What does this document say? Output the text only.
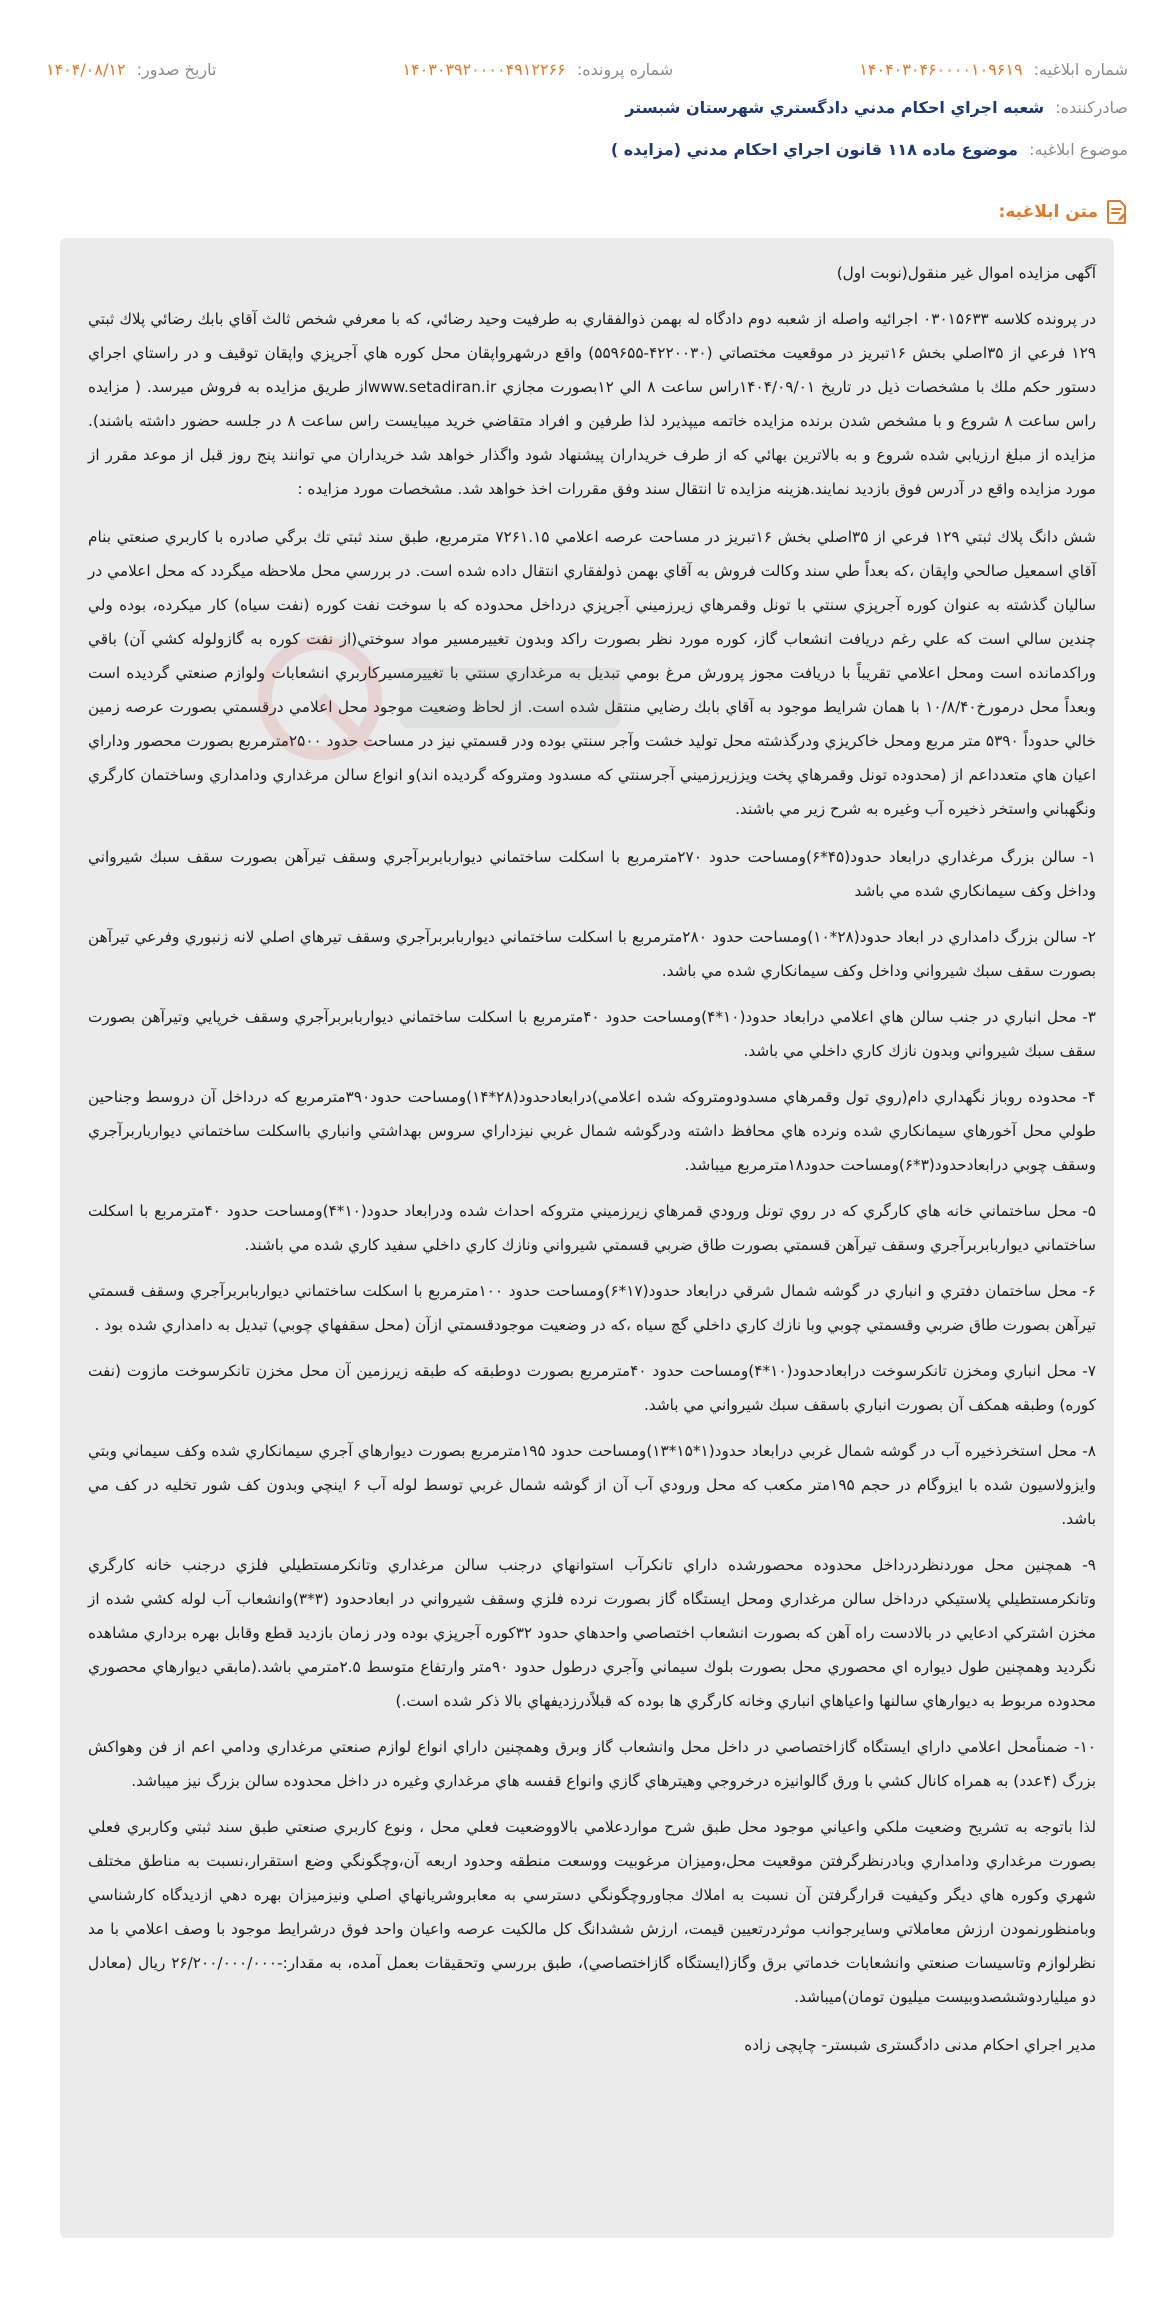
شماره ابلاغیه: ۱۴۰۴۰۳۰۴۶۰۰۰۰۱۰۹۶۱۹
شماره پرونده: ۱۴۰۳۰۳۹۲۰۰۰۰۴۹۱۲۲۶۶
تاریخ صدور: ۱۴۰۴/۰۸/۱۲
صادرکننده: شعبه اجراي احكام مدني دادگستري شهرستان شبستر
موضوع ابلاغیه: موضوع ماده ۱۱۸ قانون اجراي احكام مدني (مزايده )
متن ابلاغیه:

آگهی مزایده اموال غیر منقول(نوبت اول)

در پرونده كلاسه ۰۳۰۱۵۶۳۳ اجرائيه واصله از شعبه دوم دادگاه له بهمن ذوالفقاري به طرفيت وحيد رضائي، كه با معرفي شخص ثالث آقاي بابك رضائي پلاك ثبتي ۱۲۹ فرعي از ۳۵اصلي بخش ۱۶تبريز در موقعيت مختصاتي (۴۲۲۰۰۳۰-۵۵۹۶۵۵) واقع درشهرواپقان محل كوره هاي آجرپزي واپقان توقيف و در راستاي اجراي دستور حكم ملك با مشخصات ذيل در تاريخ ۱۴۰۴/۰۹/۰۱راس ساعت ۸ الي ۱۲بصورت مجازي www.setadiran.irاز طريق مزايده به فروش ميرسد. ( مزايده راس ساعت ۸ شروع و با مشخص شدن برنده مزايده خاتمه ميپذيرد لذا طرفين و افراد متقاضي خريد ميبايست راس ساعت ۸ در جلسه حضور داشته باشند). مزايده از مبلغ ارزيابي شده شروع و به بالاترين بهائي كه از طرف خريداران پيشنهاد شود واگذار خواهد شد خريداران مي توانند پنج روز قبل از موعد مقرر از مورد مزايده واقع در آدرس فوق بازديد نمايند.هزينه مزايده تا انتقال سند وفق مقررات اخذ خواهد شد. مشخصات مورد مزايده :

شش دانگ پلاك ثبتي ۱۲۹ فرعي از ۳۵اصلي بخش ۱۶تبريز در مساحت عرصه اعلامي ۷۲۶۱.۱۵ مترمربع، طبق سند ثبتي تك برگي صادره با كاربري صنعتي بنام آقاي اسمعيل صالحي واپقان ،كه بعداً طي سند وكالت فروش به آقاي بهمن ذولفقاري انتقال داده شده است. در بررسي محل ملاحظه ميگردد كه محل اعلامي در ساليان گذشته به عنوان كوره آجرپزي سنتي با تونل وقمرهاي زيرزميني آجرپزي درداخل محدوده كه با سوخت نفت كوره (نفت سياه) كار ميكرده، بوده ولي چندين سالي است كه علي رغم دريافت انشعاب گاز، كوره مورد نظر بصورت راكد وبدون تغييرمسير مواد سوختي(از نفت كوره به گازولوله كشي آن) باقي وراكدمانده است ومحل اعلامي تقريباً با دريافت مجوز پرورش مرغ بومي تبديل به مرغداري سنتي با تغييرمسيركاربري انشعابات ولوازم صنعتي گرديده است وبعداً محل درمورخ۱۰/۸/۴۰ با همان شرايط موجود به آقاي بابك رضايي منتقل شده است. از لحاظ وضعيت موجود محل اعلامي درقسمتي بصورت عرصه زمين خالي حدوداً ۵۳۹۰ متر مربع ومحل خاكريزي ودرگذشته محل توليد خشت وآجر سنتي بوده ودر قسمتي نيز در مساحت حدود ۲۵۰۰مترمربع بصورت محصور وداراي اعيان هاي متعدداعم از (محدوده تونل وقمرهاي پخت ويززيرزميني آجرسنتي كه مسدود ومتروكه گرديده اند)و انواع سالن مرغداري ودامداري وساختمان كارگري ونگهباني واستخر ذخيره آب وغيره به شرح زير مي باشند.

۱- سالن بزرگ مرغداري درابعاد حدود(۴۵*۶)ومساحت حدود ۲۷۰مترمربع با اسكلت ساختماني ديواربابربرآجري وسقف تيرآهن بصورت سقف سبك شيرواني وداخل وكف سيمانكاري شده مي باشد

۲- سالن بزرگ دامداري در ابعاد حدود(۲۸*۱۰)ومساحت حدود ۲۸۰مترمربع با اسكلت ساختماني ديواربابربرآجري وسقف تيرهاي اصلي لانه زنبوري وفرعي تيرآهن بصورت سقف سبك شيرواني وداخل وكف سيمانكاري شده مي باشد.

۳- محل انباري در جنب سالن هاي اعلامي درابعاد حدود(۱۰*۴)ومساحت حدود ۴۰مترمربع با اسكلت ساختماني ديواربابربرآجري وسقف خرپايي وتيرآهن بصورت سقف سبك شيرواني وبدون نازك كاري داخلي مي باشد.

۴- محدوده روباز نگهداري دام(روي تول وقمرهاي مسدودومتروكه شده اعلامي)درابعادحدود(۲۸*۱۴)ومساحت حدود۳۹۰مترمربع كه درداخل آن دروسط وجناحين طولي محل آخورهاي سيمانكاري شده ونرده هاي محافظ داشته ودرگوشه شمال غربي نيزداراي سروس بهداشتي وانباري بااسكلت ساختماني ديوارباربرآجري وسقف چوبي درابعادحدود(۳*۶)ومساحت حدود۱۸مترمربع ميباشد.

۵- محل ساختماني خانه هاي كارگري كه در روي تونل ورودي قمرهاي زيرزميني متروكه احداث شده ودرابعاد حدود(۱۰*۴)ومساحت حدود ۴۰مترمربع با اسكلت ساختماني ديواربابربرآجري وسقف تيرآهن قسمتي بصورت طاق ضربي قسمتي شيرواني ونازك كاري داخلي سفيد كاري شده مي باشند.

۶- محل ساختمان دفتري و انباري در گوشه شمال شرقي درابعاد حدود(۱۷*۶)ومساحت حدود ۱۰۰مترمربع با اسكلت ساختماني ديواربابربرآجري وسقف قسمتي تيرآهن بصورت طاق ضربي وقسمتي چوبي وبا نازك كاري داخلي گچ سياه ،كه در وضعيت موجودقسمتي ازآن (محل سقفهاي چوبي) تبديل به دامداري شده بود .

۷- محل انباري ومخزن تانكرسوخت درابعادحدود(۱۰*۴)ومساحت حدود ۴۰مترمربع بصورت دوطبقه كه طبقه زيرزمين آن محل مخزن تانكرسوخت مازوت (نفت كوره) وطبقه همكف آن بصورت انباري باسقف سبك شيرواني مي باشد.

۸- محل استخرذخيره آب در گوشه شمال غربي درابعاد حدود(۱*۱۵*۱۳)ومساحت حدود ۱۹۵مترمربع بصورت ديوارهاي آجري سيمانكاري شده وكف سيماني وبتي وايزولاسيون شده با ايزوگام در حجم ۱۹۵متر مكعب كه محل ورودي آب آن از گوشه شمال غربي توسط لوله آب ۶ اينچي وبدون كف شور تخليه در كف مي باشد.

۹- همچنين محل موردنظردرداخل محدوده محصورشده داراي تانكرآب استوانهاي درجنب سالن مرغداري وتانكرمستطيلي فلزي درجنب خانه كارگري وتانكرمستطيلي پلاستيكي درداخل سالن مرغداري ومحل ايستگاه گاز بصورت نرده فلزي وسقف شيرواني در ابعادحدود (۳*۳)وانشعاب آب لوله كشي شده از مخزن اشتركي ادعايي در بالادست راه آهن كه بصورت انشعاب اختصاصي واحدهاي حدود ۳۲كوره آجرپزي بوده ودر زمان بازديد قطع وقابل بهره برداري مشاهده نگرديد وهمچنين طول ديواره اي محصوري محل بصورت بلوك سيماني وآجري درطول حدود ۹۰متر وارتفاع متوسط ۲.۵مترمي باشد.(مابقي ديوارهاي محصوري محدوده مربوط به ديوارهاي سالنها واعياهاي انباري وخانه كارگري ها بوده كه قبلاًدرزديفهاي بالا ذكر شده است.)

۱۰- ضمناًمحل اعلامي داراي ايستگاه گازاختصاصي در داخل محل وانشعاب گاز وبرق وهمچنين داراي انواع لوازم صنعتي مرغداري ودامي اعم از فن وهواكش بزرگ (۴عدد) به همراه كانال كشي با ورق گالوانيزه درخروجي وهيترهاي گازي وانواع قفسه هاي مرغداري وغيره در داخل محدوده سالن بزرگ نيز ميباشد.

لذا باتوجه به تشريح وضعيت ملكي واعياني موجود محل طبق شرح مواردعلامي بالاووضعيت فعلي محل ، ونوع كاربري صنعتي طبق سند ثبتي وكاربري فعلي بصورت مرغداري ودامداري وبادرنظرگرفتن موقعيت محل،وميزان مرغوبيت ووسعت منطقه وحدود اربعه آن،وچگونگي وضع استقرار،نسبت به مناطق مختلف شهري وكوره هاي ديگر وكيفيت قرارگرفتن آن نسبت به املاك مجاوروچگونگي دسترسي به معابروشريانهاي اصلي ونيزميزان بهره دهي ازديدگاه كارشناسي وبامنظورنمودن ارزش معاملاتي وسايرجوانب موثردرتعيين قيمت، ارزش ششدانگ كل مالكيت عرصه واعيان واحد فوق درشرايط موجود با وصف اعلامي با مد نظرلوازم وتاسيسات صنعتي وانشعابات خدماتي برق وگاز(ايستگاه گازاختصاصي)، طبق بررسي وتحقيقات بعمل آمده، به مقدار:-۲۶/۲۰۰/۰۰۰/۰۰۰ ريال (معادل دو ميلياردوششصدوبيست ميليون تومان)ميباشد.

مدير اجراي احكام مدنی دادگستری شبستر- چاپچی زاده
